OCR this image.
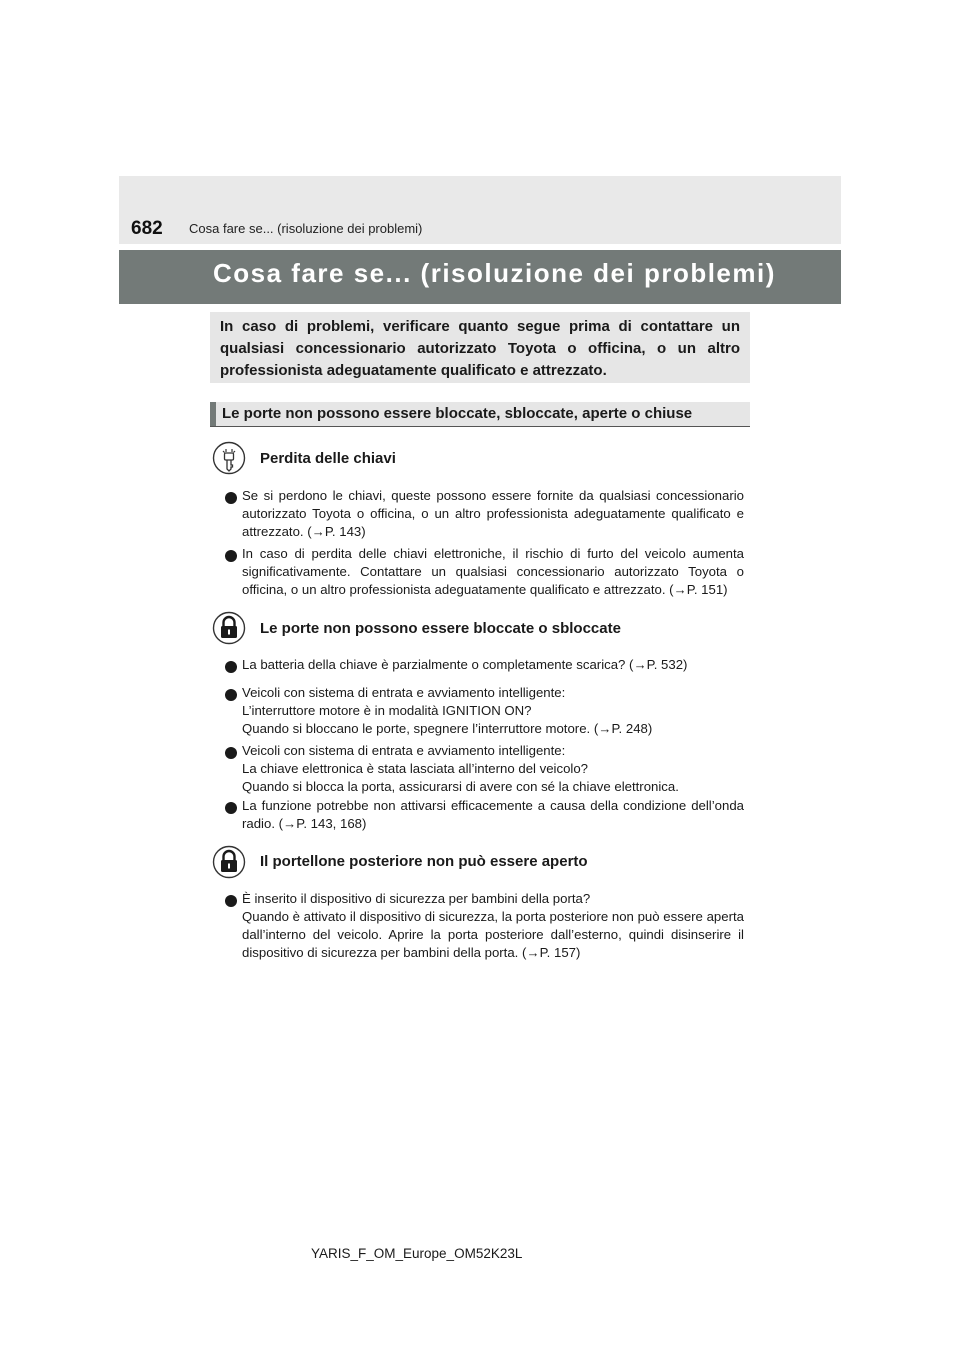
682 Cosa fare se... (risoluzione dei problemi)
Cosa fare se... (risoluzione dei problemi)
In caso di problemi, verificare quanto segue prima di contattare un qualsiasi concessionario autorizzato Toyota o officina, o un altro professionista adeguatamente qualificato e attrezzato.
Le porte non possono essere bloccate, sbloccate, aperte o chiuse
Perdita delle chiavi
Se si perdono le chiavi, queste possono essere fornite da qualsiasi concessionario autorizzato Toyota o officina, o un altro professionista adeguatamente qualificato e attrezzato. (→P. 143)
In caso di perdita delle chiavi elettroniche, il rischio di furto del veicolo aumenta significativamente. Contattare un qualsiasi concessionario autorizzato Toyota o officina, o un altro professionista adeguatamente qualificato e attrezzato. (→P. 151)
Le porte non possono essere bloccate o sbloccate
La batteria della chiave è parzialmente o completamente scarica? (→P. 532)
Veicoli con sistema di entrata e avviamento intelligente:
L’interruttore motore è in modalità IGNITION ON?
Quando si bloccano le porte, spegnere l’interruttore motore. (→P. 248)
Veicoli con sistema di entrata e avviamento intelligente:
La chiave elettronica è stata lasciata all’interno del veicolo?
Quando si blocca la porta, assicurarsi di avere con sé la chiave elettronica.
La funzione potrebbe non attivarsi efficacemente a causa della condizione dell’onda radio. (→P. 143, 168)
Il portellone posteriore non può essere aperto
È inserito il dispositivo di sicurezza per bambini della porta?
Quando è attivato il dispositivo di sicurezza, la porta posteriore non può essere aperta dall’interno del veicolo. Aprire la porta posteriore dall’esterno, quindi disinserire il dispositivo di sicurezza per bambini della porta. (→P. 157)
YARIS_F_OM_Europe_OM52K23L
